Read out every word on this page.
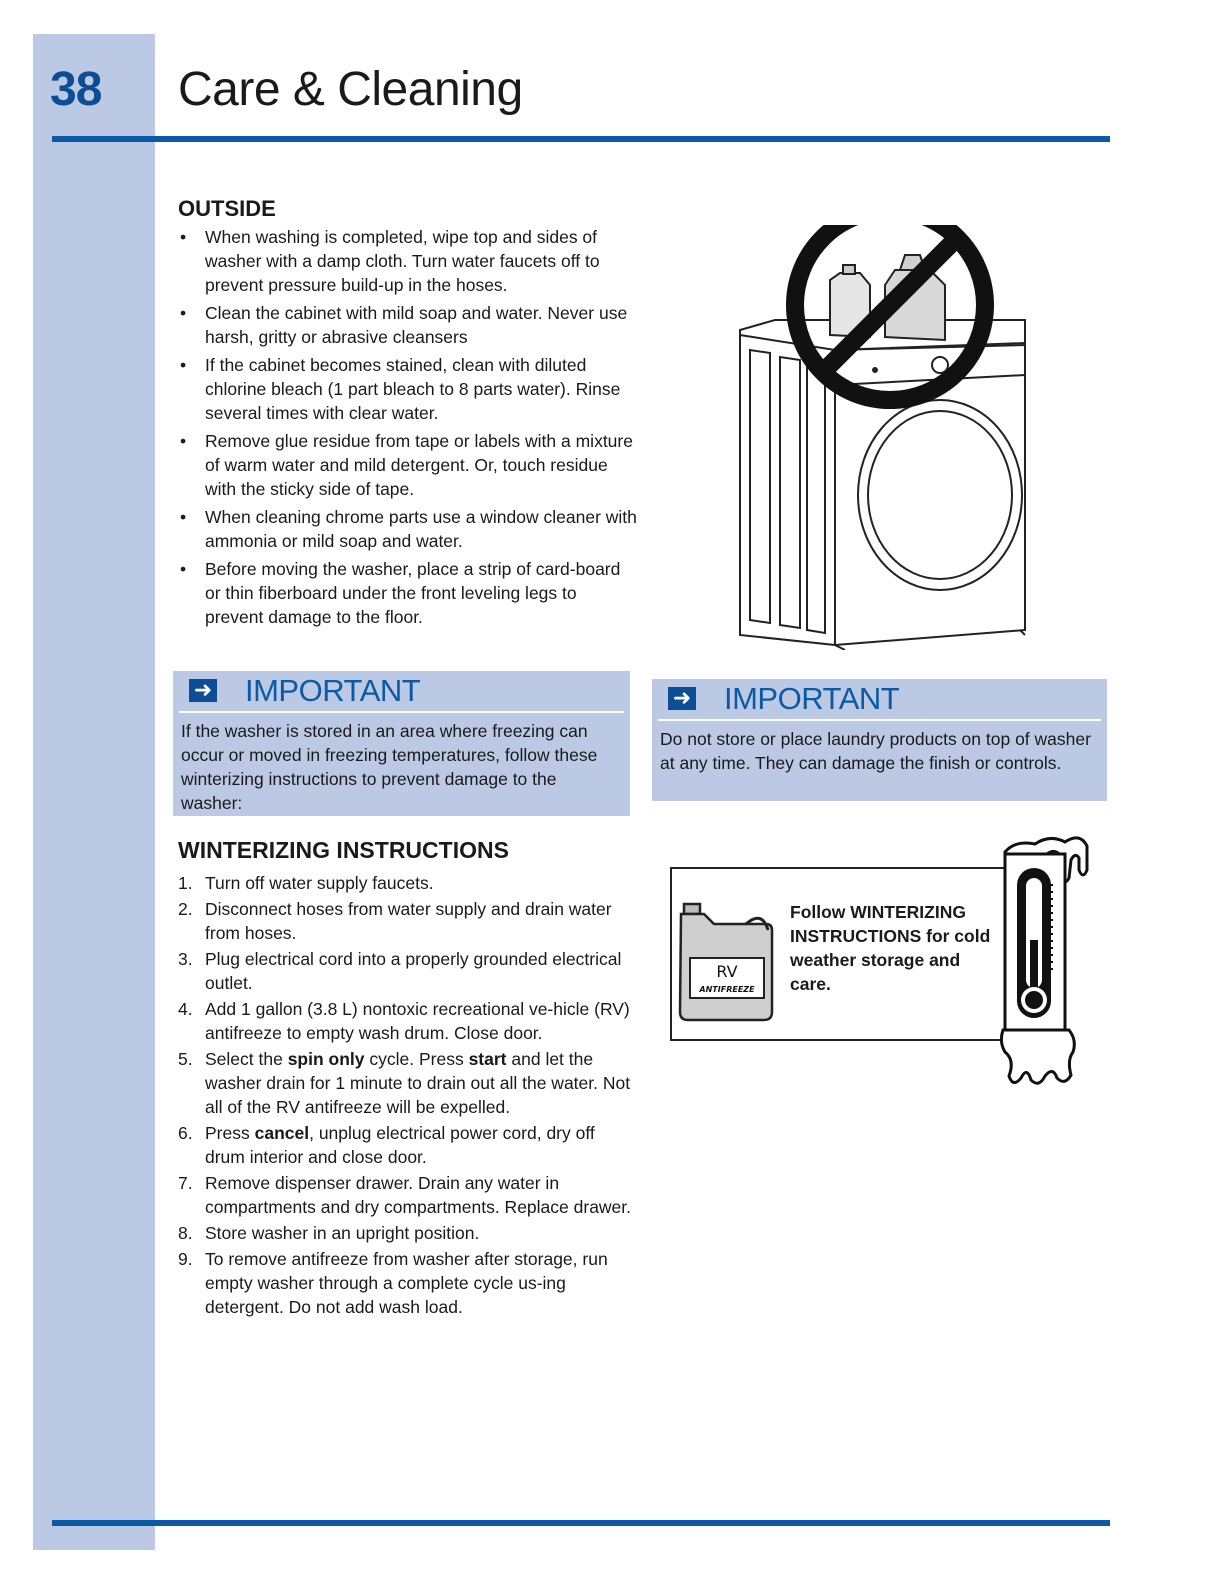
38 Care & Cleaning
OUTSIDE
• When washing is completed, wipe top and sides of washer with a damp cloth. Turn water faucets off to prevent pressure build-up in the hoses.
• Clean the cabinet with mild soap and water. Never use harsh, gritty or abrasive cleansers
• If the cabinet becomes stained, clean with diluted chlorine bleach (1 part bleach to 8 parts water). Rinse several times with clear water.
• Remove glue residue from tape or labels with a mixture of warm water and mild detergent. Or, touch residue with the sticky side of tape.
• When cleaning chrome parts use a window cleaner with ammonia or mild soap and water.
• Before moving the washer, place a strip of card-board or thin fiberboard under the front leveling legs to prevent damage to the floor.
➜ IMPORTANT
If the washer is stored in an area where freezing can occur or moved in freezing temperatures, follow these winterizing instructions to prevent damage to the washer:
WINTERIZING INSTRUCTIONS
1. Turn off water supply faucets.
2. Disconnect hoses from water supply and drain water from hoses.
3. Plug electrical cord into a properly grounded electrical outlet.
4. Add 1 gallon (3.8 L) nontoxic recreational ve-hicle (RV) antifreeze to empty wash drum. Close door.
5. Select the spin only cycle. Press start and let the washer drain for 1 minute to drain out all the water. Not all of the RV antifreeze will be expelled.
6. Press cancel, unplug electrical power cord, dry off drum interior and close door.
7. Remove dispenser drawer. Drain any water in compartments and dry compartments. Replace drawer.
8. Store washer in an upright position.
9. To remove antifreeze from washer after storage, run empty washer through a complete cycle us-ing detergent. Do not add wash load.
➜ IMPORTANT
Do not store or place laundry products on top of washer at any time. They can damage the finish or controls.
RV
ANTIFREEZE
Follow WINTERIZING INSTRUCTIONS for cold weather storage and care.
